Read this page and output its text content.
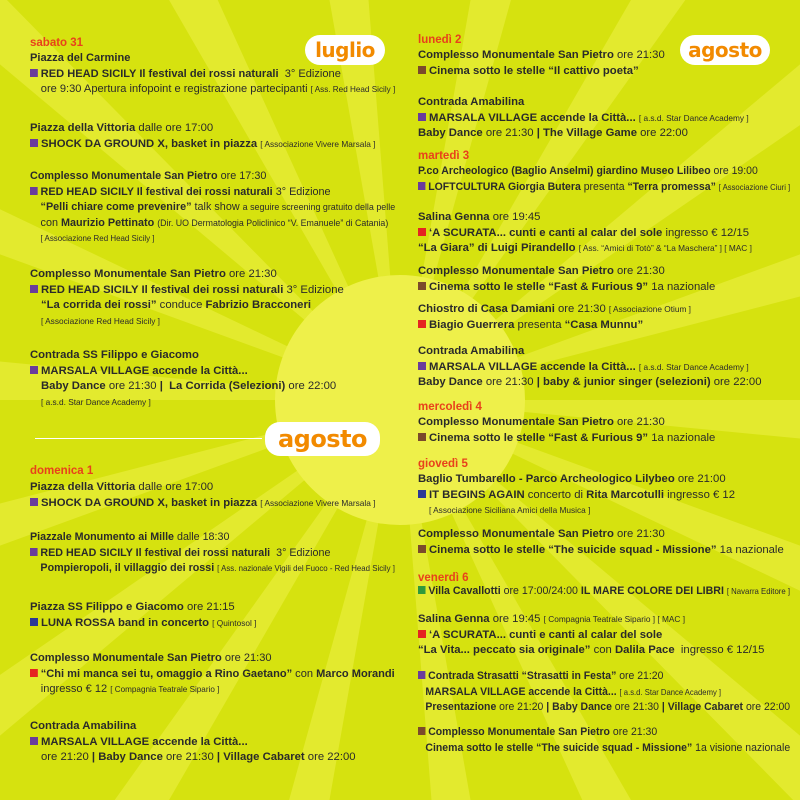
luglio	agosto
agosto
sabato 31
Piazza del Carmine
RED HEAD SICILY Il festival dei rossi naturali 3° Edizione
ore 9:30 Apertura infopoint e registrazione partecipanti [ Ass. Red Head Sicily ]
Piazza della Vittoria dalle ore 17:00
SHOCK DA GROUND X, basket in piazza [ Associazione Vivere Marsala ]
Complesso Monumentale San Pietro ore 17:30
RED HEAD SICILY Il festival dei rossi naturali 3° Edizione
“Pelli chiare come prevenire” talk show a seguire screening gratuito della pelle
con Maurizio Pettinato (Dir. UO Dermatologia Policlinico “V. Emanuele” di Catania)
[ Associazione Red Head Sicily ]
Complesso Monumentale San Pietro ore 21:30
RED HEAD SICILY Il festival dei rossi naturali 3° Edizione
“La corrida dei rossi” conduce Fabrizio Bracconeri
[ Associazione Red Head Sicily ]
Contrada SS Filippo e Giacomo
MARSALA VILLAGE accende la Città...
Baby Dance ore 21:30 | La Corrida (Selezioni) ore 22:00
[ a.s.d. Star Dance Academy ]
domenica 1
Piazza della Vittoria dalle ore 17:00
SHOCK DA GROUND X, basket in piazza [ Associazione Vivere Marsala ]
Piazzale Monumento ai Mille dalle 18:30
RED HEAD SICILY Il festival dei rossi naturali 3° Edizione
Pompieropoli, il villaggio dei rossi [ Ass. nazionale Vigili del Fuoco - Red Head Sicily ]
Piazza SS Filippo e Giacomo ore 21:15
LUNA ROSSA band in concerto [ Quintosol ]
Complesso Monumentale San Pietro ore 21:30
“Chi mi manca sei tu, omaggio a Rino Gaetano” con Marco Morandi
ingresso € 12 [ Compagnia Teatrale Sipario ]
Contrada Amabilina
MARSALA VILLAGE accende la Città...
ore 21:20 | Baby Dance ore 21:30 | Village Cabaret ore 22:00
lunedì 2
Complesso Monumentale San Pietro ore 21:30
Cinema sotto le stelle “Il cattivo poeta”
Contrada Amabilina
MARSALA VILLAGE accende la Città... [ a.s.d. Star Dance Academy ]
Baby Dance ore 21:30 | The Village Game ore 22:00
martedì 3
P.co Archeologico (Baglio Anselmi) giardino Museo Lilibeo ore 19:00
LOFTCULTURA Giorgia Butera presenta “Terra promessa” [ Associazione Ciuri ]
Salina Genna ore 19:45
‘A SCURATA... cunti e canti al calar del sole ingresso € 12/15
“La Giara” di Luigi Pirandello [ Ass. “Amici di Totò” & “La Maschera” ] [ MAC ]
Complesso Monumentale San Pietro ore 21:30
Cinema sotto le stelle “Fast & Furious 9” 1a nazionale
Chiostro di Casa Damiani ore 21:30 [ Associazione Otium ]
Biagio Guerrera presenta “Casa Munnu”
Contrada Amabilina
MARSALA VILLAGE accende la Città... [ a.s.d. Star Dance Academy ]
Baby Dance ore 21:30 | baby & junior singer (selezioni) ore 22:00
mercoledì 4
Complesso Monumentale San Pietro ore 21:30
Cinema sotto le stelle “Fast & Furious 9” 1a nazionale
giovedì 5
Baglio Tumbarello - Parco Archeologico Lilybeo ore 21:00
IT BEGINS AGAIN concerto di Rita Marcotulli ingresso € 12
[ Associazione Siciliana Amici della Musica ]
Complesso Monumentale San Pietro ore 21:30
Cinema sotto le stelle “The suicide squad - Missione” 1a nazionale
venerdì 6
Villa Cavallotti ore 17:00/24:00 IL MARE COLORE DEI LIBRI [ Navarra Editore ]
Salina Genna ore 19:45 [ Compagnia Teatrale Sipario ] [ MAC ]
‘A SCURATA... cunti e canti al calar del sole
“La Vita... peccato sia originale” con Dalila Pace ingresso € 12/15
Contrada Strasatti “Strasatti in Festa” ore 21:20
MARSALA VILLAGE accende la Città... [ a.s.d. Star Dance Academy ]
Presentazione ore 21:20 | Baby Dance ore 21:30 | Village Cabaret ore 22:00
Complesso Monumentale San Pietro ore 21:30
Cinema sotto le stelle “The suicide squad - Missione” 1a visione nazionale
